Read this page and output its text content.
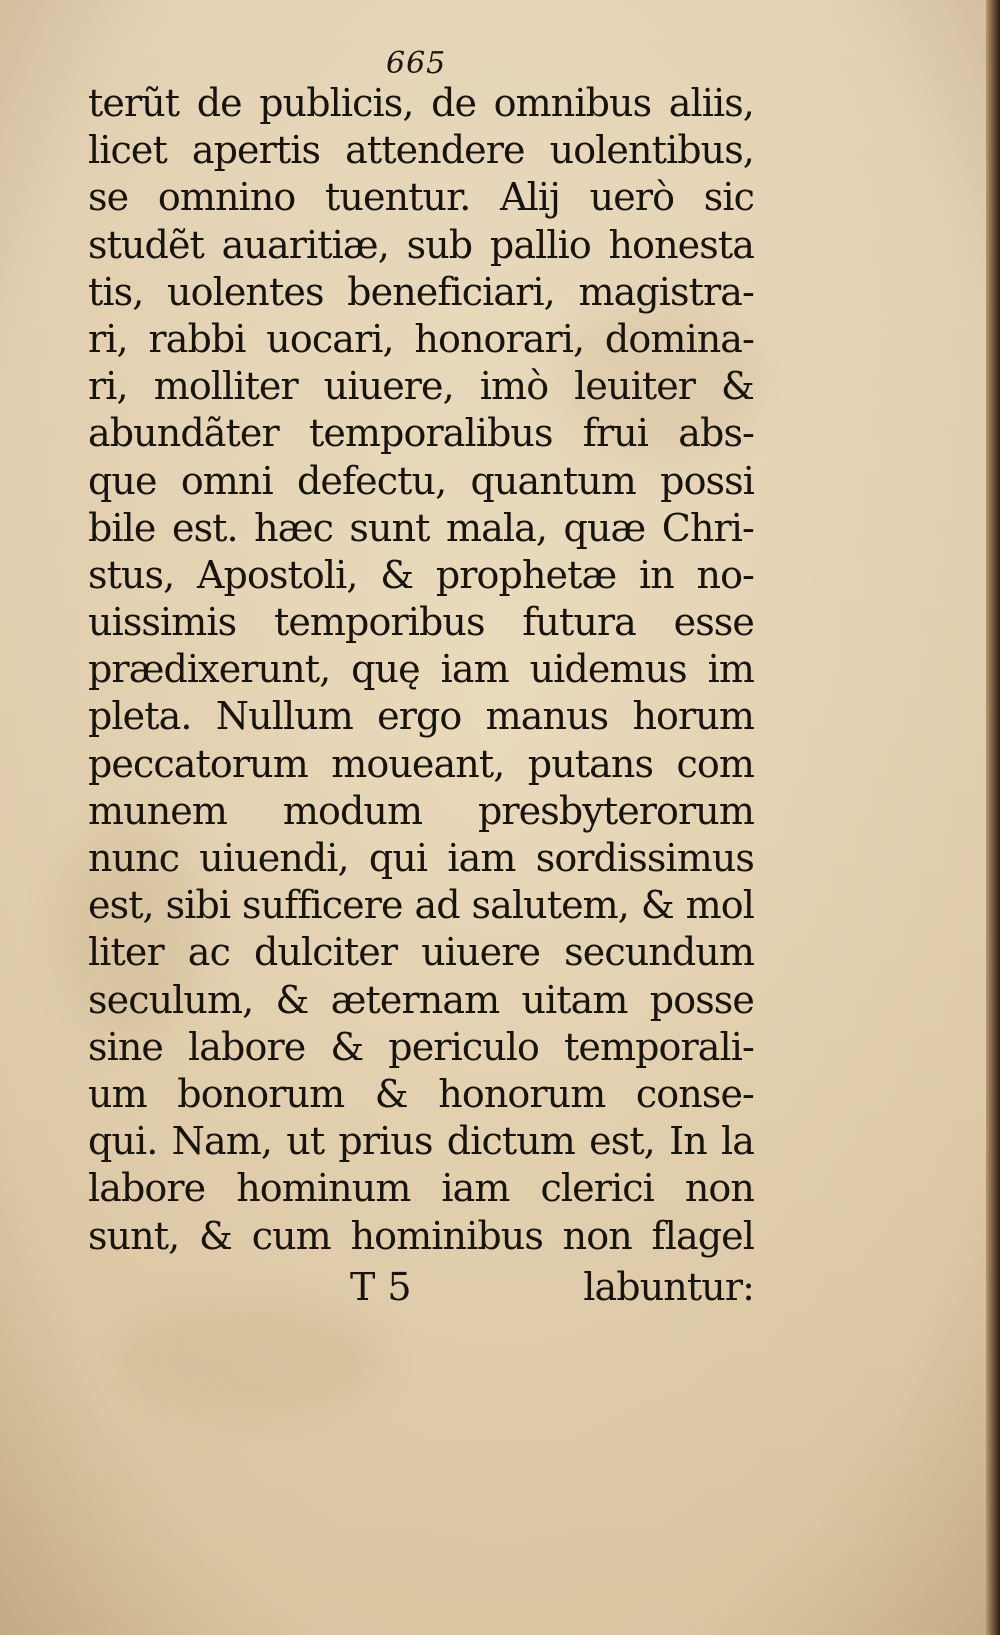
665
terũt de publicis, de omnibus aliis,
licet apertis attendere uolentibus,
se omnino tuentur. Alij uerò sic
studẽt auaritiæ, sub pallio honesta
tis, uolentes beneficiari, magistra-
ri, rabbi uocari, honorari, domina-
ri, molliter uiuere, imò leuiter &
abundãter temporalibus frui abs-
que omni defectu, quantum possi
bile est. hæc sunt mala, quæ Chri-
stus, Apostoli, & prophetæ in no-
uissimis temporibus futura esse
prædixerunt, quę iam uidemus im
pleta. Nullum ergo manus horum
peccatorum moueant, putans com
munem modum presbyterorum
nunc uiuendi, qui iam sordissimus
est, sibi sufficere ad salutem, & mol
liter ac dulciter uiuere secundum
seculum, & æternam uitam posse
sine labore & periculo temporali-
um bonorum & honorum conse-
qui. Nam, ut prius dictum est, In la
labore hominum iam clerici non
sunt, & cum hominibus non flagel
T 5	labuntur:
